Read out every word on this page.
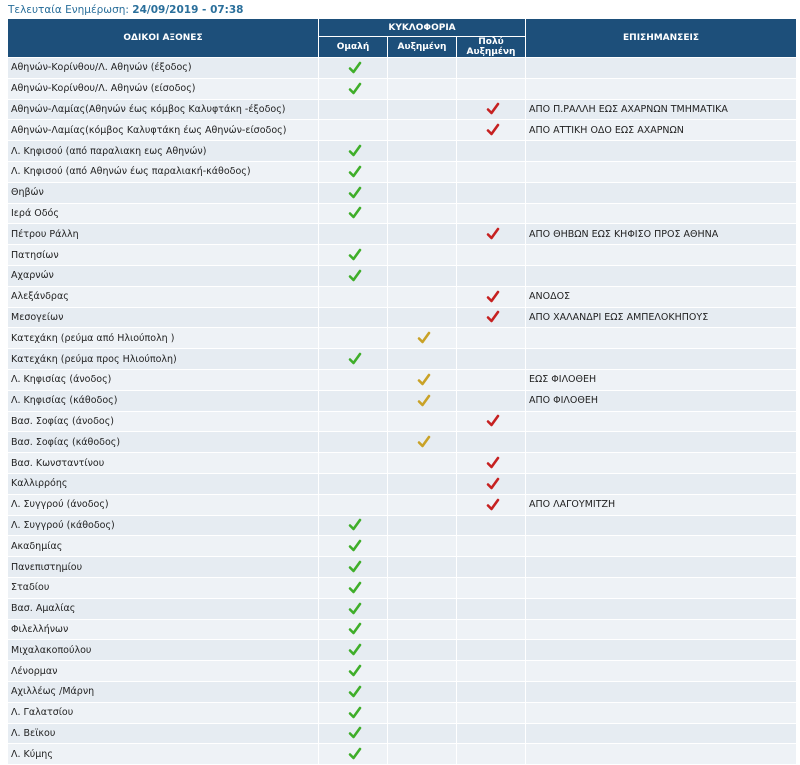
Τελευταία Ενημέρωση: 24/09/2019 - 07:38
ΟΔΙΚΟΙ ΑΞΟΝΕΣ	ΚΥΚΛΟΦΟΡΙΑ			ΕΠΙΣΗΜΑΝΣΕΙΣ
	Ομαλή	Αυξημένη	Πολύ Αυξημένη	
Αθηνών-Κορίνθου/Λ. Αθηνών (έξοδος)				
Αθηνών-Κορίνθου/Λ. Αθηνών (είσοδος)				
Αθηνών-Λαμίας(Αθηνών έως κόμβος Καλυφτάκη -έξοδος)				ΑΠΟ Π.ΡΑΛΛΗ ΕΩΣ ΑΧΑΡΝΩΝ ΤΜΗΜΑΤΙΚΑ
Αθηνών-Λαμίας(κόμβος Καλυφτάκη έως Αθηνών-είσοδος)				ΑΠΟ ΑΤΤΙΚΗ ΟΔΟ ΕΩΣ ΑΧΑΡΝΩΝ
Λ. Κηφισού (από παραλιακη εως Αθηνών)				
Λ. Κηφισού (από Αθηνών έως παραλιακή-κάθοδος)				
Θηβών				
Ιερά Οδός				
Πέτρου Ράλλη				ΑΠΟ ΘΗΒΩΝ ΕΩΣ ΚΗΦΙΣΟ ΠΡΟΣ ΑΘΗΝΑ
Πατησίων				
Αχαρνών				
Αλεξάνδρας				ΑΝΟΔΟΣ
Μεσογείων				ΑΠΟ ΧΑΛΑΝΔΡΙ ΕΩΣ ΑΜΠΕΛΟΚΗΠΟΥΣ
Κατεχάκη (ρεύμα από Ηλιούπολη )				
Κατεχάκη (ρεύμα προς Ηλιούπολη)				
Λ. Κηφισίας (άνοδος)				ΕΩΣ ΦΙΛΟΘΕΗ
Λ. Κηφισίας (κάθοδος)				ΑΠΟ ΦΙΛΟΘΕΗ
Βασ. Σοφίας (άνοδος)				
Βασ. Σοφίας (κάθοδος)				
Βασ. Κωνσταντίνου				
Καλλιρρόης				
Λ. Συγγρού (άνοδος)				ΑΠΟ ΛΑΓΟΥΜΙΤΖΗ
Λ. Συγγρού (κάθοδος)				
Ακαδημίας				
Πανεπιστημίου				
Σταδίου				
Βασ. Αμαλίας				
Φιλελλήνων				
Μιχαλακοπούλου				
Λένορμαν				
Αχιλλέως /Μάρνη				
Λ. Γαλατσίου				
Λ. Βεϊκου				
Λ. Κύμης				
